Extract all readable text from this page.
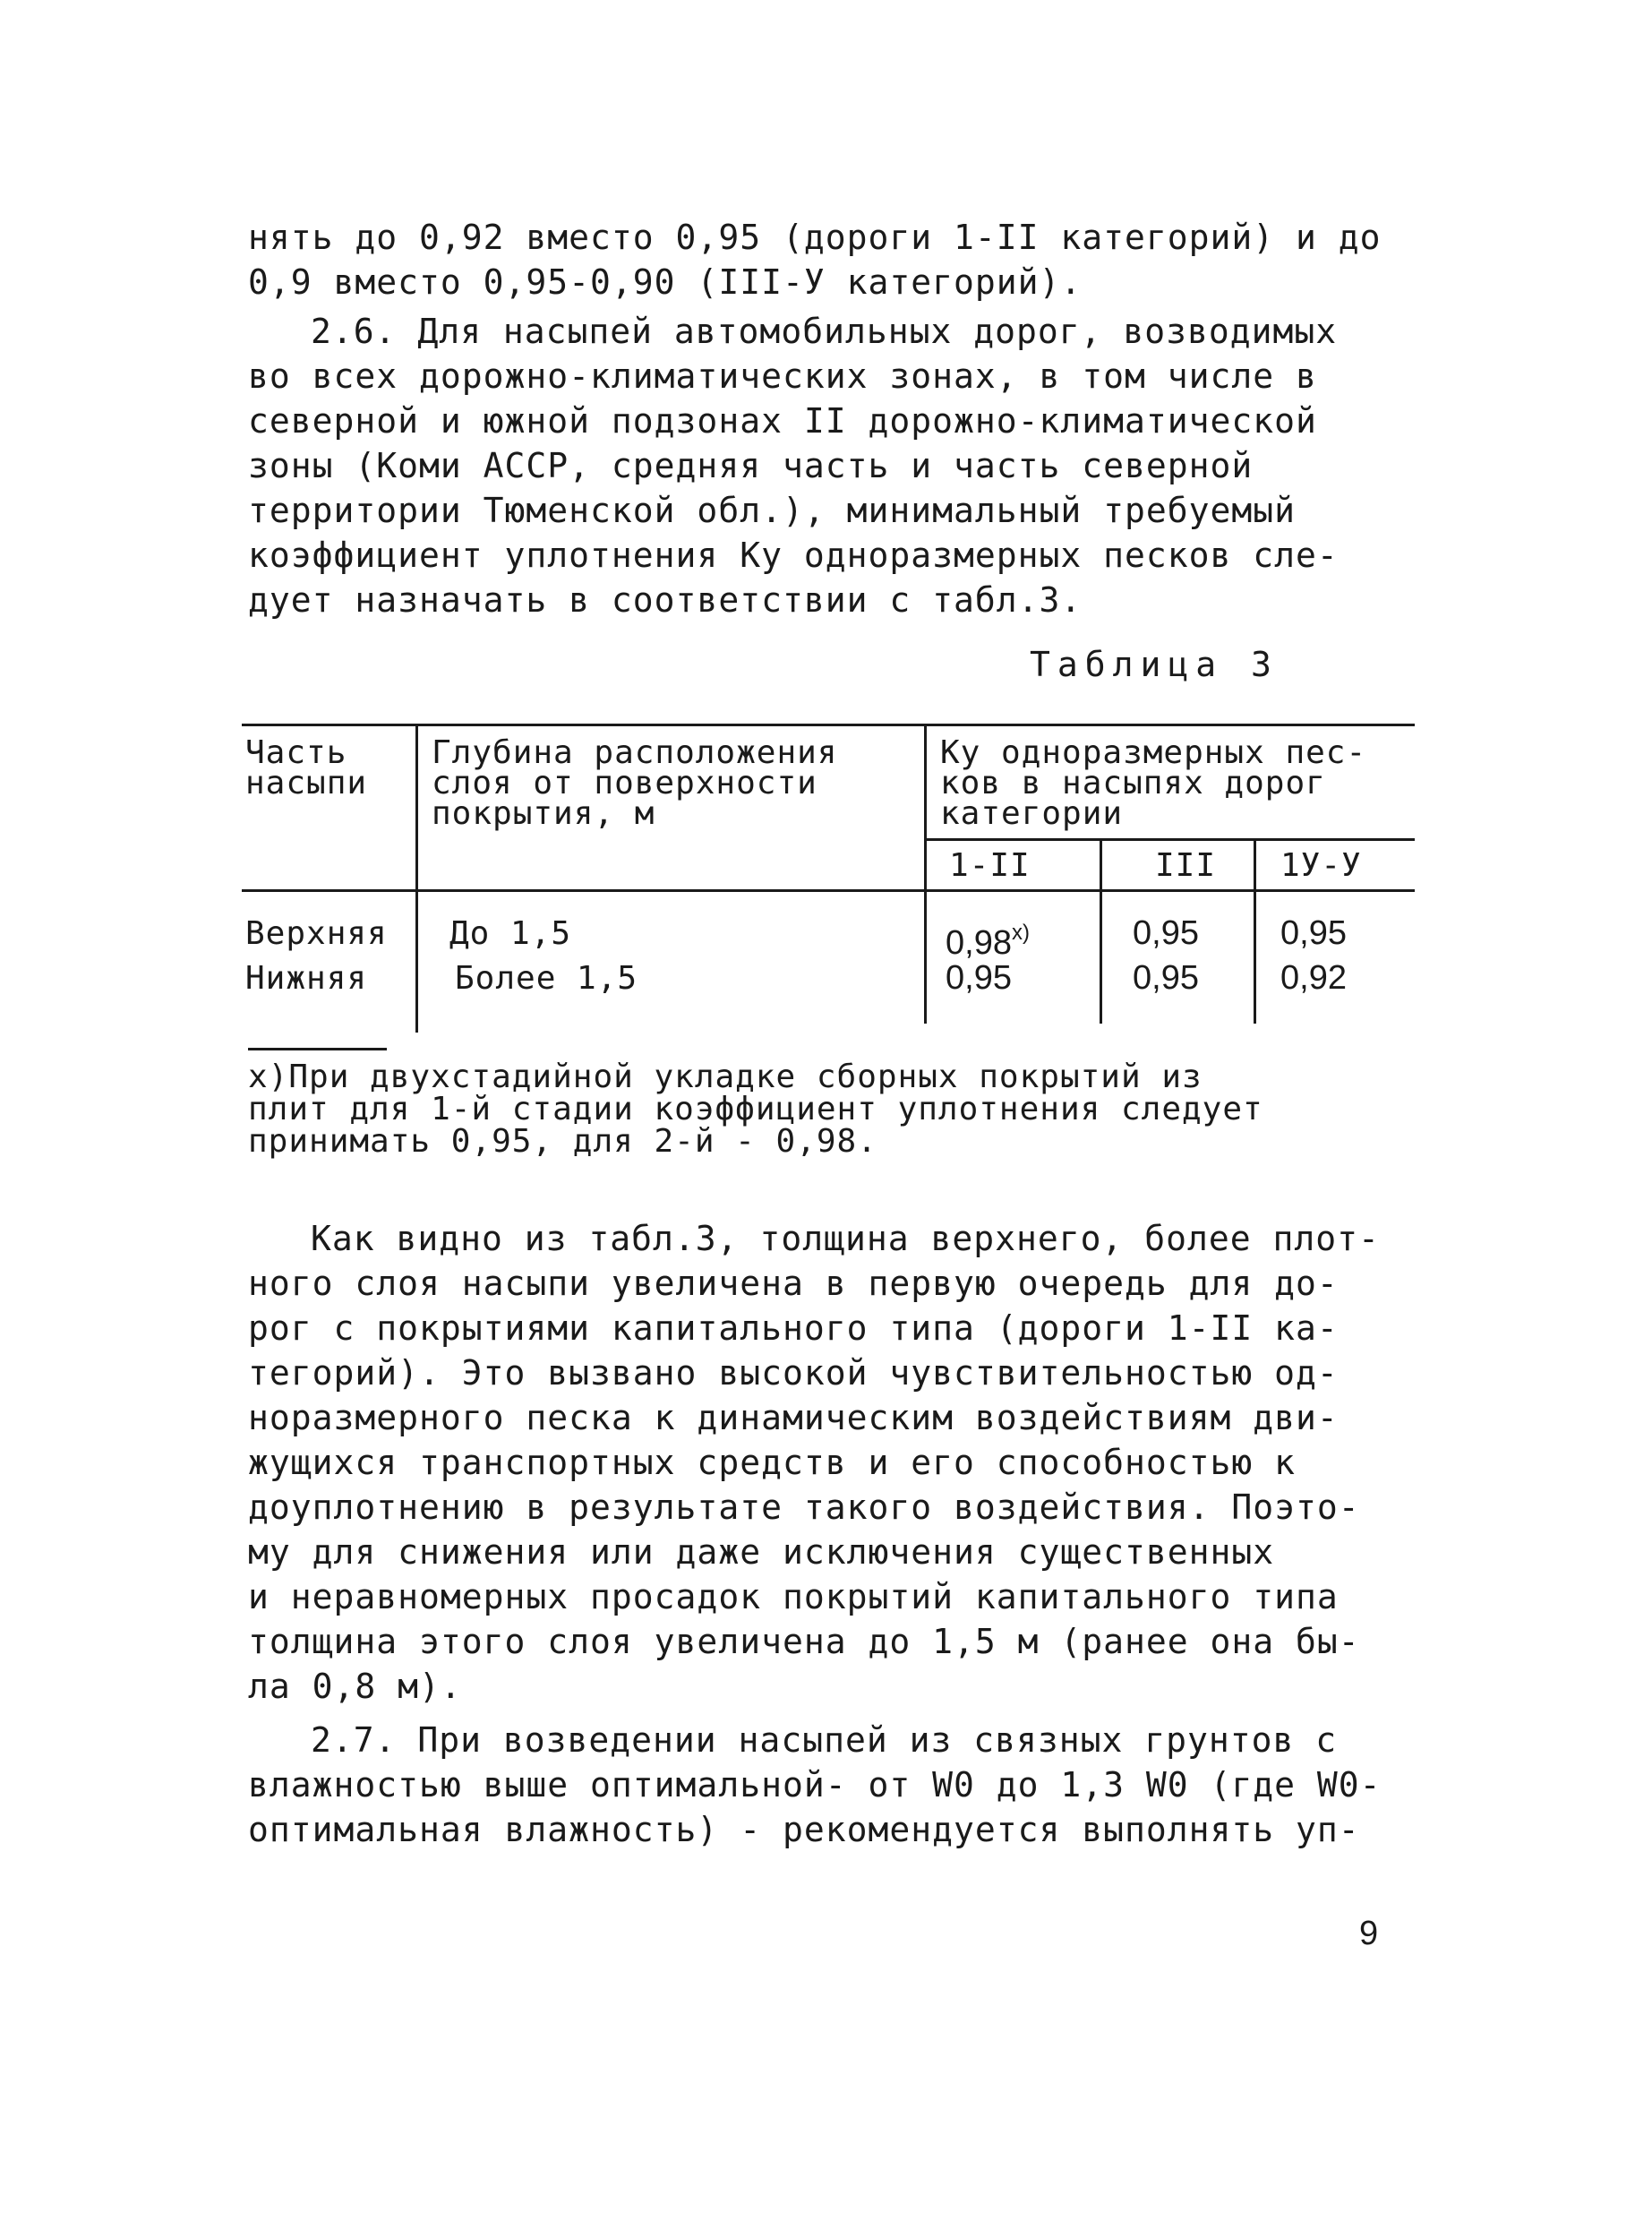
нять до 0,92 вместо 0,95 (дороги 1-II категорий) и до
0,9 вместо 0,95-0,90 (III-У категорий).
2.6. Для насыпей автомобильных дорог, возводимых
во всех дорожно-климатических зонах, в том числе в
северной и южной подзонах II дорожно-климатической
зоны (Коми АССР, средняя часть и часть северной
территории Тюменской обл.), минимальный требуемый
коэффициент уплотнения Ку одноразмерных песков сле-
дует назначать в соответствии с табл.3.
Таблица 3
Часть
насыпи
Глубина расположения
слоя от поверхности
покрытия, м
Ку одноразмерных пес-
ков в насыпях дорог
категории
1-II	III 1У-У
Верхняя До 1,5	$0,98^{х)}$	0,95 0,95
Нижняя	Более 1,5	0,95	0,95 0,92
х)При двухстадийной укладке сборных покрытий из
плит для 1-й стадии коэффициент уплотнения следует
принимать 0,95, для 2-й - 0,98.
Как видно из табл.3, толщина верхнего, более плот-
ного слоя насыпи увеличена в первую очередь для до-
рог с покрытиями капитального типа (дороги 1-II ка-
тегорий). Это вызвано высокой чувствительностью од-
норазмерного песка к динамическим воздействиям дви-
жущихся транспортных средств и его способностью к
доуплотнению в результате такого воздействия. Поэто-
му для снижения или даже исключения существенных
и неравномерных просадок покрытий капитального типа
толщина этого слоя увеличена до 1,5 м (ранее она бы-
ла 0,8 м).
2.7. При возведении насыпей из связных грунтов с
влажностью выше оптимальной- от W0 до 1,3 W0 (где W0-
оптимальная влажность) - рекомендуется выполнять уп-
9
